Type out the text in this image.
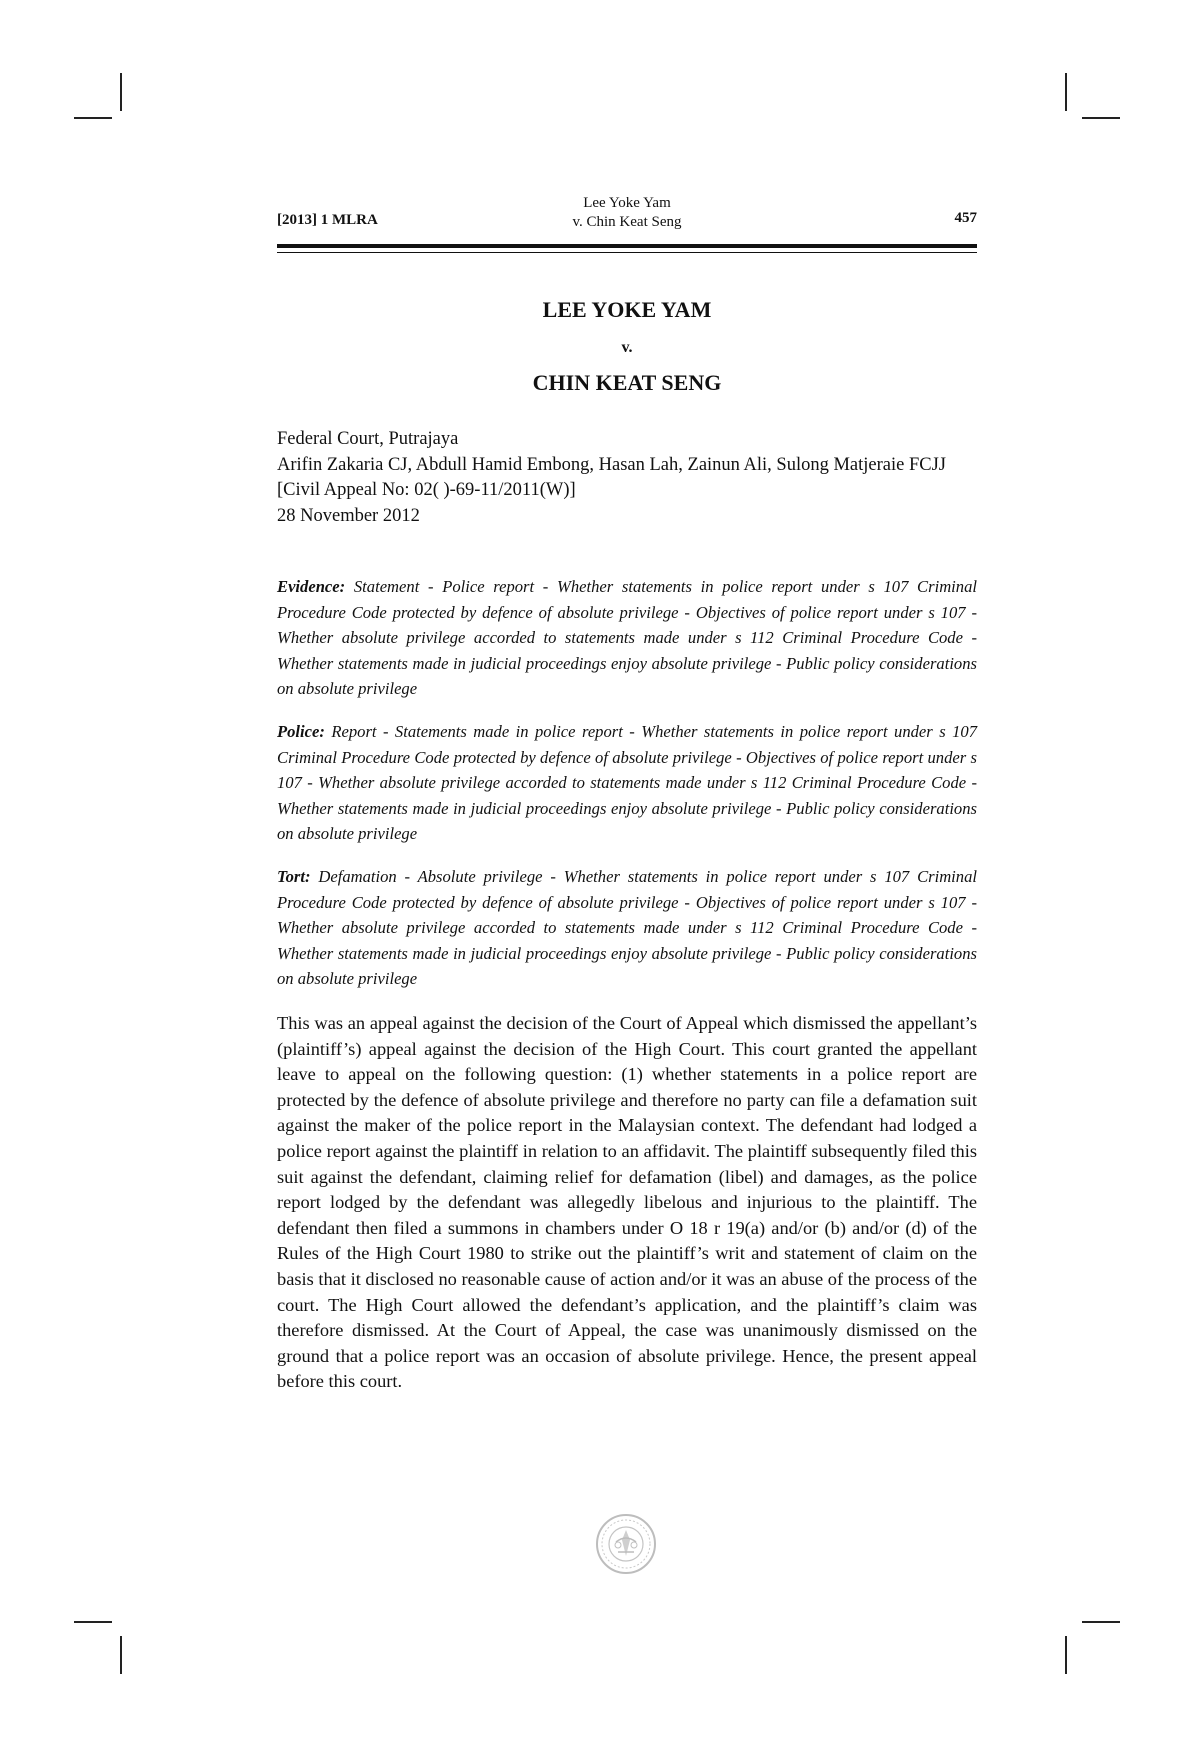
[2013] 1 MLRA
Lee Yoke Yam
v. Chin Keat Seng	457
LEE YOKE YAM
v.
CHIN KEAT SENG
Federal Court, Putrajaya
Arifin Zakaria CJ, Abdull Hamid Embong, Hasan Lah, Zainun Ali, Sulong Matjeraie FCJJ
[Civil Appeal No: 02( )-69-11/2011(W)]
28 November 2012
Evidence: Statement - Police report - Whether statements in police report under s 107 Criminal Procedure Code protected by defence of absolute privilege - Objectives of police report under s 107 - Whether absolute privilege accorded to statements made under s 112 Criminal Procedure Code - Whether statements made in judicial proceedings enjoy absolute privilege - Public policy considerations on absolute privilege
Police: Report - Statements made in police report - Whether statements in police report under s 107 Criminal Procedure Code protected by defence of absolute privilege - Objectives of police report under s 107 - Whether absolute privilege accorded to statements made under s 112 Criminal Procedure Code - Whether statements made in judicial proceedings enjoy absolute privilege - Public policy considerations on absolute privilege
Tort: Defamation - Absolute privilege - Whether statements in police report under s 107 Criminal Procedure Code protected by defence of absolute privilege - Objectives of police report under s 107 - Whether absolute privilege accorded to statements made under s 112 Criminal Procedure Code - Whether statements made in judicial proceedings enjoy absolute privilege - Public policy considerations on absolute privilege
This was an appeal against the decision of the Court of Appeal which dismissed the appellant’s (plaintiff’s) appeal against the decision of the High Court. This court granted the appellant leave to appeal on the following question: (1) whether statements in a police report are protected by the defence of absolute privilege and therefore no party can file a defamation suit against the maker of the police report in the Malaysian context. The defendant had lodged a police report against the plaintiff in relation to an affidavit. The plaintiff subsequently filed this suit against the defendant, claiming relief for defamation (libel) and damages, as the police report lodged by the defendant was allegedly libelous and injurious to the plaintiff. The defendant then filed a summons in chambers under O 18 r 19(a) and/or (b) and/or (d) of the Rules of the High Court 1980 to strike out the plaintiff’s writ and statement of claim on the basis that it disclosed no reasonable cause of action and/or it was an abuse of the process of the court. The High Court allowed the defendant’s application, and the plaintiff’s claim was therefore dismissed. At the Court of Appeal, the case was unanimously dismissed on the ground that a police report was an occasion of absolute privilege. Hence, the present appeal before this court.
